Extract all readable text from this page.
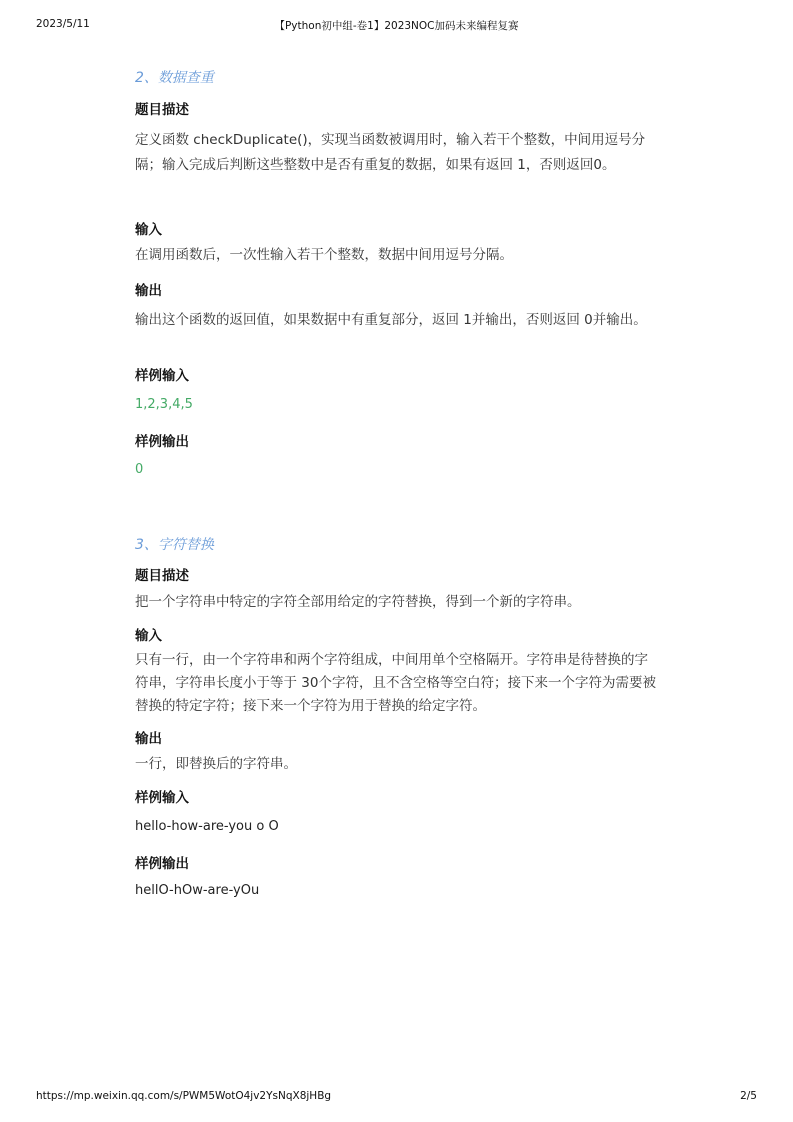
2023/5/11	【Python初中组-卷1】2023NOC加码未来编程复赛
2、数据查重
题目描述
定义函数 checkDuplicate()，实现当函数被调用时，输入若干个整数，中间用逗号分隔；输入完成后判断这些整数中是否有重复的数据，如果有返回 1，否则返回0。
输入
在调用函数后，一次性输入若干个整数，数据中间用逗号分隔。
输出
输出这个函数的返回值，如果数据中有重复部分，返回 1并输出，否则返回 0并输出。
样例输入
1,2,3,4,5
样例输出
0
3、字符替换
题目描述
把一个字符串中特定的字符全部用给定的字符替换，得到一个新的字符串。
输入
只有一行，由一个字符串和两个字符组成，中间用单个空格隔开。字符串是待替换的字符串，字符串长度小于等于 30个字符，且不含空格等空白符；接下来一个字符为需要被替换的特定字符；接下来一个字符为用于替换的给定字符。
输出
一行，即替换后的字符串。
样例输入
hello-how-are-you o O
样例输出
hellO-hOw-are-yOu
https://mp.weixin.qq.com/s/PWM5WotO4jv2YsNqX8jHBg	2/5
